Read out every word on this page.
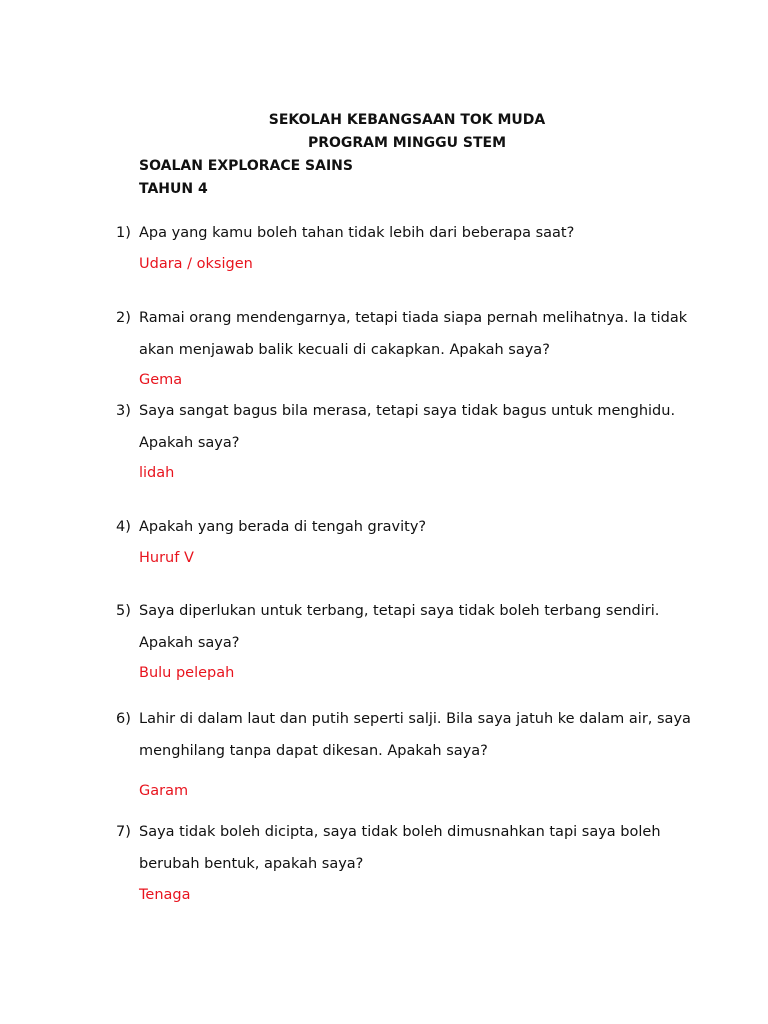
SEKOLAH KEBANGSAAN TOK MUDA
PROGRAM MINGGU STEM
SOALAN EXPLORACE SAINS
TAHUN 4
1) Apa yang kamu boleh tahan tidak lebih dari beberapa saat?
Udara / oksigen
2) Ramai orang mendengarnya, tetapi tiada siapa pernah melihatnya. Ia tidak akan menjawab balik kecuali di cakapkan. Apakah saya?
Gema
3) Saya sangat bagus bila merasa, tetapi saya tidak bagus untuk menghidu. Apakah saya?
lidah
4) Apakah yang berada di tengah gravity?
Huruf V
5) Saya diperlukan untuk terbang, tetapi saya tidak boleh terbang sendiri. Apakah saya?
Bulu pelepah
6) Lahir di dalam laut dan putih seperti salji. Bila saya jatuh ke dalam air, saya menghilang tanpa dapat dikesan. Apakah saya?
Garam
7) Saya tidak boleh dicipta, saya tidak boleh dimusnahkan tapi saya boleh berubah bentuk, apakah saya?
Tenaga
